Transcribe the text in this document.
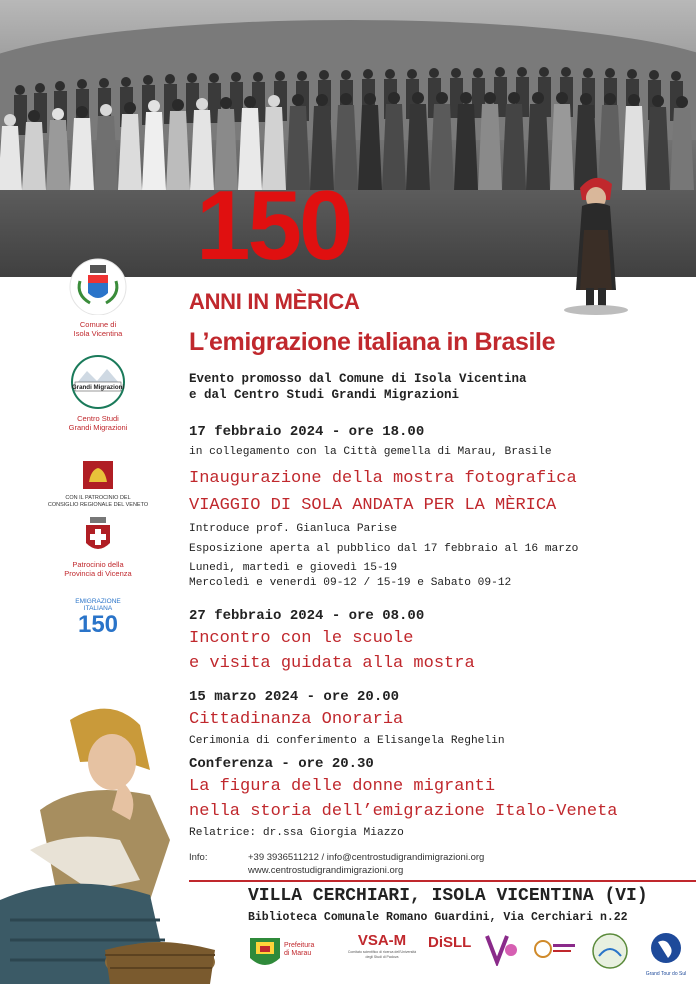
150
Comune di
Isola Vicentina
Grandi Migrazioni
Centro Studi
Grandi Migrazioni
CON IL PATROCINIO DEL
CONSIGLIO REGIONALE DEL VENETO
Patrocinio della
Provincia di Vicenza
EMIGRAZIONE
ITALIANA
150
ANNI IN MÈRICA
L’emigrazione italiana in Brasile
Evento promosso dal Comune di Isola Vicentina
e dal Centro Studi Grandi Migrazioni
17 febbraio 2024 - ore 18.00
in collegamento con la Città gemella di Marau, Brasile
Inaugurazione della mostra fotografica
VIAGGIO DI SOLA ANDATA PER LA MÈRICA
Introduce prof. Gianluca Parise
Esposizione aperta al pubblico dal 17 febbraio al 16 marzo
Lunedì, martedì e giovedì 15-19
Mercoledì e venerdì 09-12 / 15-19 e Sabato 09-12
27 febbraio 2024 - ore 08.00
Incontro con le scuole
e visita guidata alla mostra
15 marzo 2024 - ore 20.00
Cittadinanza Onoraria
Cerimonia di conferimento a Elisangela Reghelin
Conferenza - ore 20.30
La figura delle donne migranti
nella storia dell’emigrazione Italo-Veneta
Relatrice: dr.ssa Giorgia Miazzo
Info:	+39 3936511212 / info@centrostudigrandimigrazioni.org
www.centrostudigrandimigrazioni.org
VILLA CERCHIARI, ISOLA VICENTINA (VI)
Biblioteca Comunale Romano Guardini, Via Cerchiari n.22
Prefeitura
di Marau
VSA-M
Comitato scientifico di ricerca dell'Università degli Studi di Padova
DiSLL
Grand Tour do Sul
